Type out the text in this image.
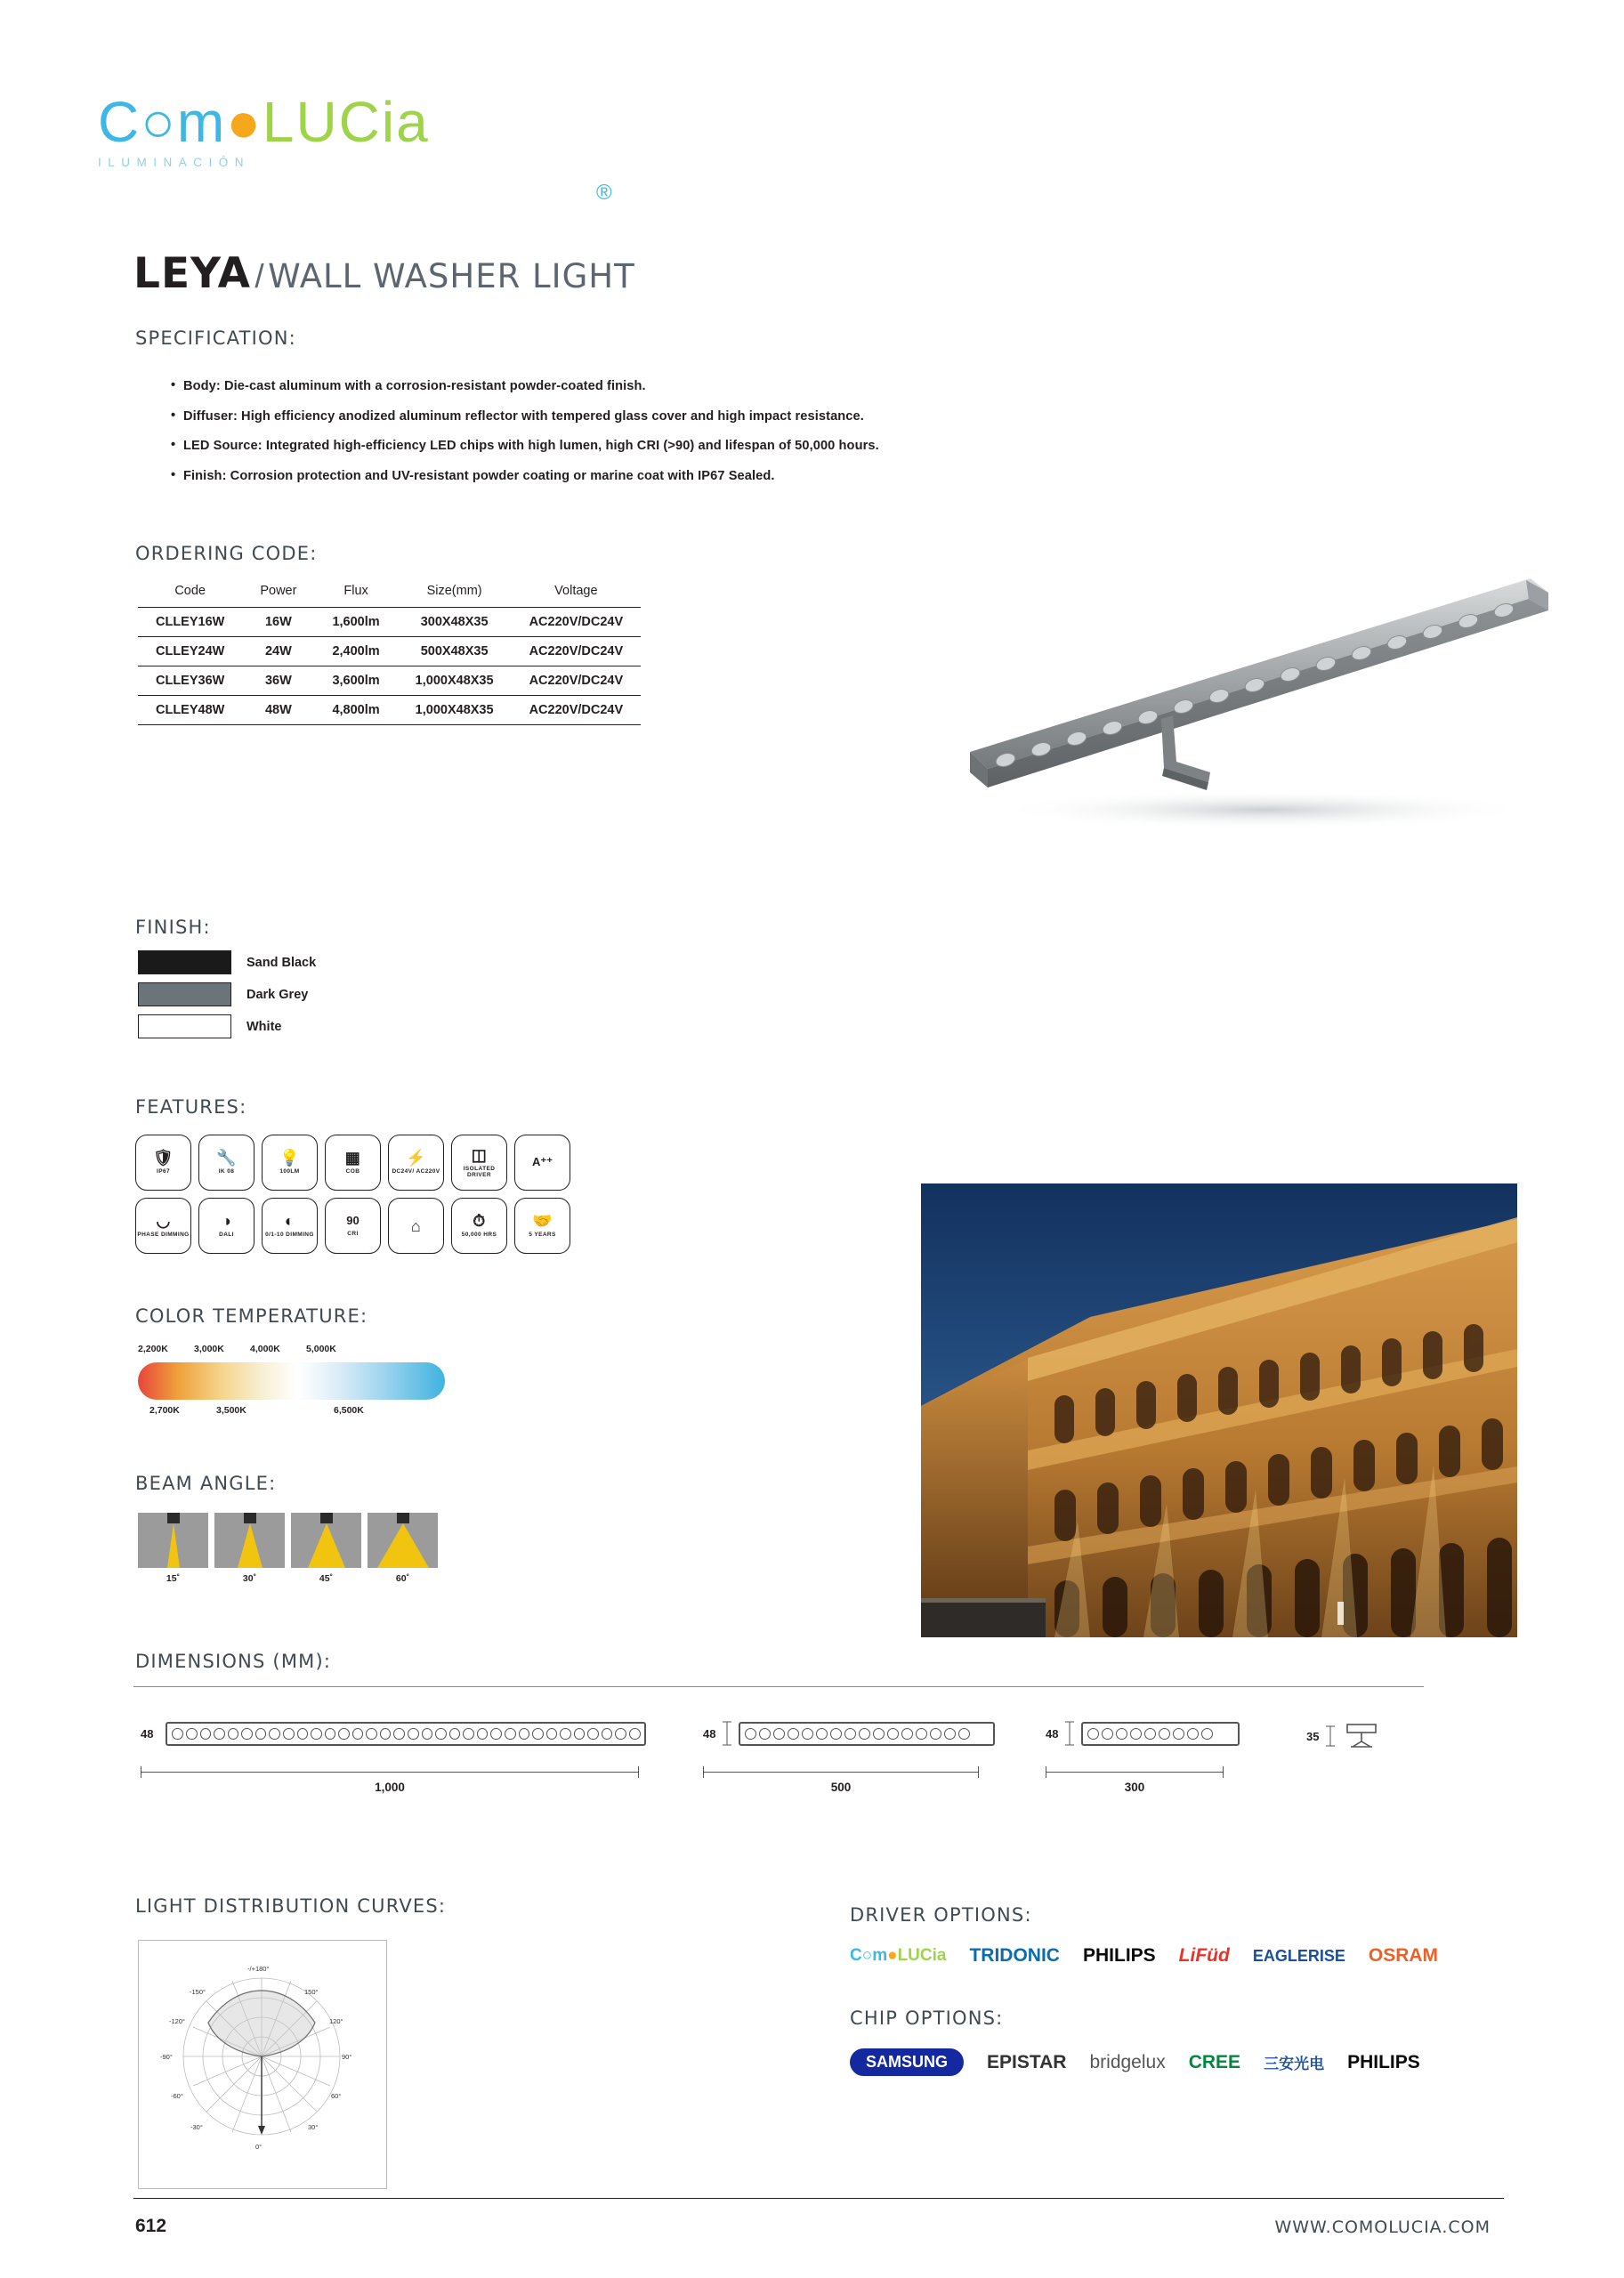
C○m●LUCia
®
ILUMINACIÓN
LEYA / WALL WASHER LIGHT
SPECIFICATION:
• Body: Die-cast aluminum with a corrosion-resistant powder-coated finish.
• Diffuser: High efficiency anodized aluminum reflector with tempered glass cover and high impact resistance.
• LED Source: Integrated high-efficiency LED chips with high lumen, high CRI (>90) and lifespan of 50,000 hours.
• Finish: Corrosion protection and UV-resistant powder coating or marine coat with IP67 Sealed.
ORDERING CODE:
Code	Power	Flux	Size(mm)	Voltage
CLLEY16W	16W	1,600lm	300X48X35	AC220V/DC24V
CLLEY24W	24W	2,400lm	500X48X35	AC220V/DC24V
CLLEY36W	36W	3,600lm	1,000X48X35	AC220V/DC24V
CLLEY48W	48W	4,800lm	1,000X48X35	AC220V/DC24V
FINISH:
Sand Black
Dark Grey
White
FEATURES:
🛡
IP67
🔧
IK 08
💡
100LM
▦
COB
⚡
DC24V/ AC220V
◫
ISOLATED DRIVER
A⁺⁺
◡
PHASE DIMMING
◑
DALI
◐
0/1-10 DIMMING
90
CRI	⌂	⏱
50,000 HRS
🤝
5 YEARS
COLOR TEMPERATURE:
2,200K	3,000K	4,000K	5,000K
2,700K	3,500K	6,500K
BEAM ANGLE:
15˚	30˚	45˚	60˚
DIMENSIONS (MM):
48
1,000
48
500
48
300
35
LIGHT DISTRIBUTION CURVES:
-/+180°
-150°	150°
-120°	120°
-90°	90°
-60°	60°
-30°	30°
0°
DRIVER OPTIONS:
C○m●LUCia TRIDONIC PHILIPS LiFüd EAGLERISE OSRAM
CHIP OPTIONS:
SAMSUNG	EPISTAR bridgelux CREE 三安光电 PHILIPS
612	WWW.COMOLUCIA.COM
